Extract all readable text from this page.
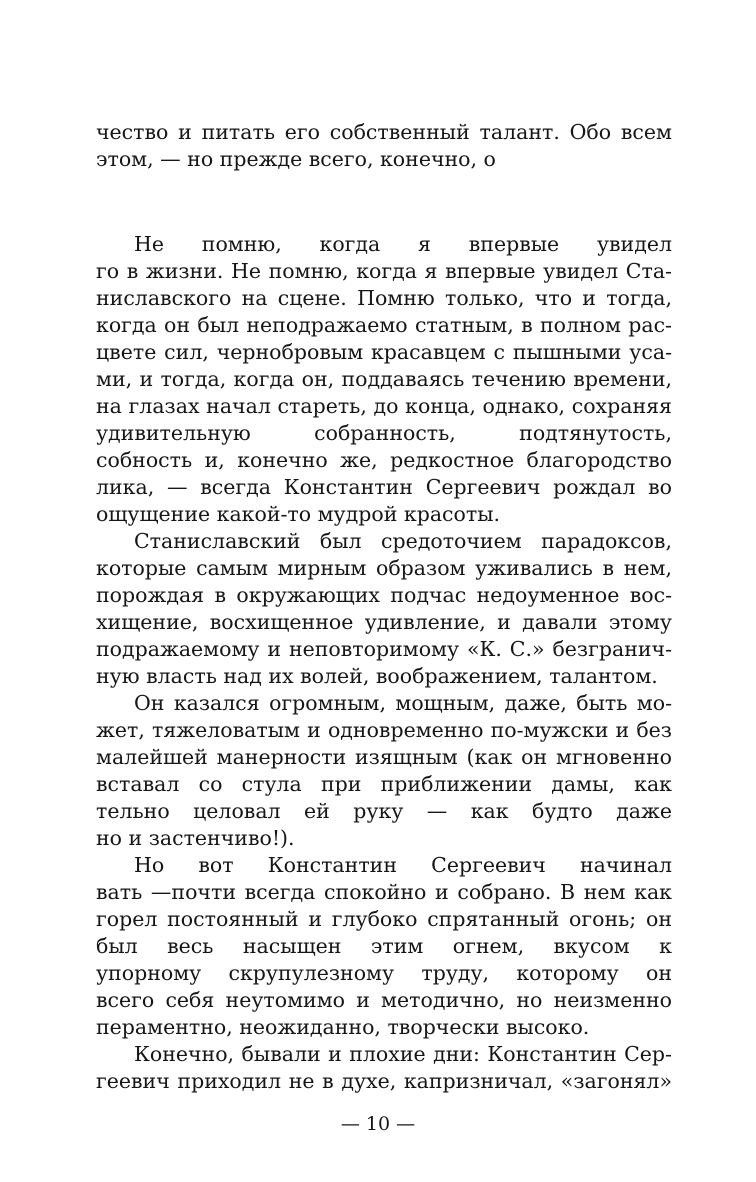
чество и питать его собственный талант. Обо всем
этом, — но прежде всего, конечно, о
Не помню, когда я впервые увидел
го в жизни. Не помню, когда я впервые увидел Ста-
ниславского на сцене. Помню только, что и тогда,
когда он был неподражаемо статным, в полном рас-
цвете сил, чернобровым красавцем с пышными уса-
ми, и тогда, когда он, поддаваясь течению времени,
на глазах начал стареть, до конца, однако, сохраняя
удивительную собранность, подтянутость,
собность и, конечно же, редкостное благородство
лика, — всегда Константин Сергеевич рождал во
ощущение какой-то мудрой красоты.
Станиславский был средоточием парадоксов,
которые самым мирным образом уживались в нем,
порождая в окружающих подчас недоуменное вос-
хищение, восхищенное удивление, и давали этому
подражаемому и неповторимому «К. С.» безгранич-
ную власть над их волей, воображением, талантом.
Он казался огромным, мощным, даже, быть мо-
жет, тяжеловатым и одновременно по-мужски и без
малейшей манерности изящным (как он мгновенно
вставал со стула при приближении дамы, как
тельно целовал ей руку — как будто даже
но и застенчиво!).
Но вот Константин Сергеевич начинал
вать —почти всегда спокойно и собрано. В нем как
горел постоянный и глубоко спрятанный огонь; он
был весь насыщен этим огнем, вкусом к
упорному скрупулезному труду, которому он
всего себя неутомимо и методично, но неизменно
пераментно, неожиданно, творчески высоко.
Конечно, бывали и плохие дни: Константин Сер-
геевич приходил не в духе, капризничал, «загонял»
— 10 —
